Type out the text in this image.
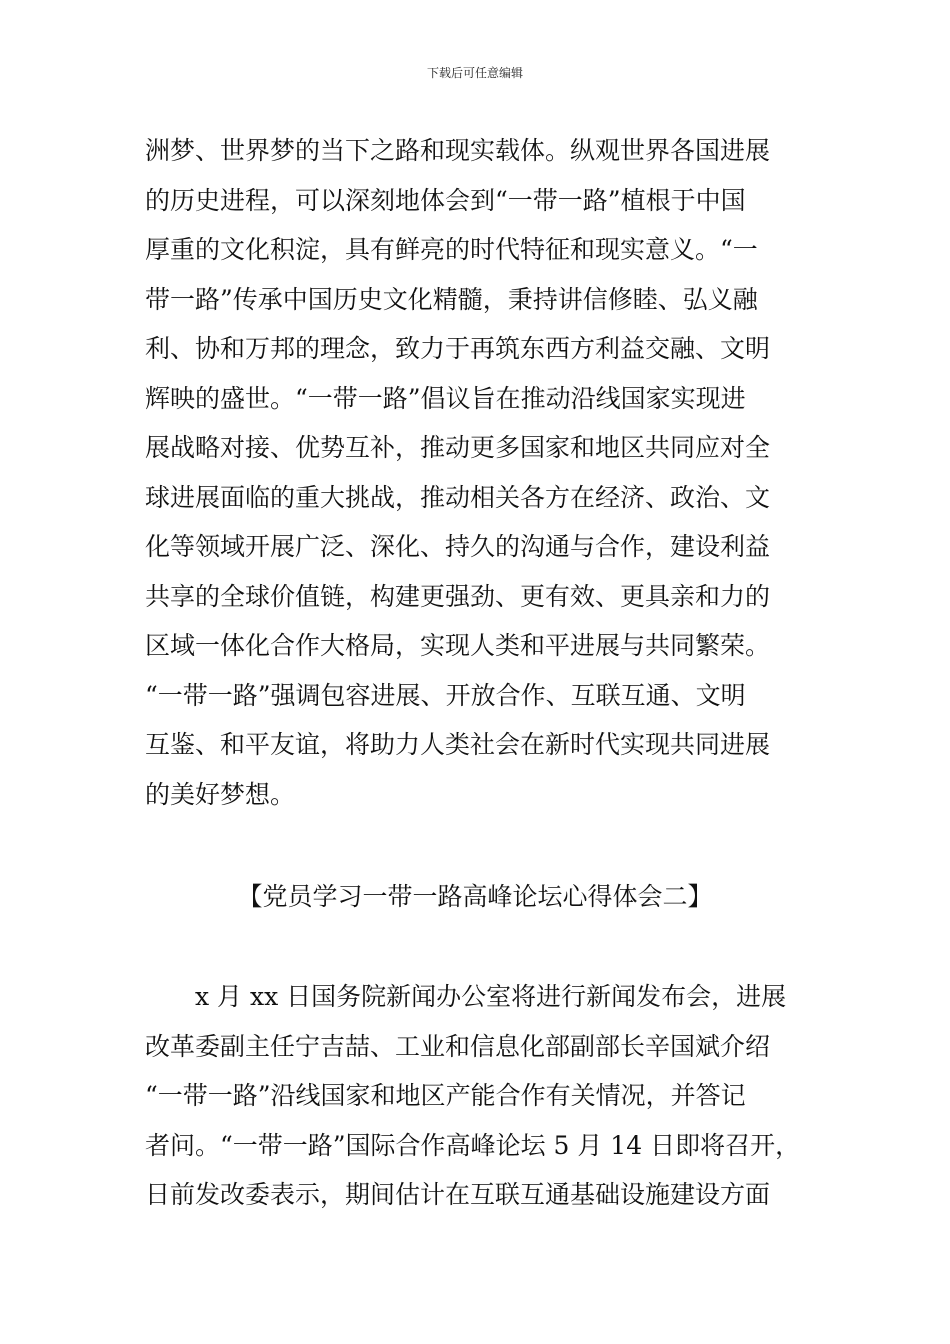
下载后可任意编辑
洲梦、世界梦的当下之路和现实载体。纵观世界各国进展
的历史进程，可以深刻地体会到“一带一路”植根于中国
厚重的文化积淀，具有鲜亮的时代特征和现实意义。“一
带一路”传承中国历史文化精髓，秉持讲信修睦、弘义融
利、协和万邦的理念，致力于再筑东西方利益交融、文明
辉映的盛世。“一带一路”倡议旨在推动沿线国家实现进
展战略对接、优势互补，推动更多国家和地区共同应对全
球进展面临的重大挑战，推动相关各方在经济、政治、文
化等领域开展广泛、深化、持久的沟通与合作，建设利益
共享的全球价值链，构建更强劲、更有效、更具亲和力的
区域一体化合作大格局，实现人类和平进展与共同繁荣。
“一带一路”强调包容进展、开放合作、互联互通、文明
互鉴、和平友谊，将助力人类社会在新时代实现共同进展
的美好梦想。
【党员学习一带一路高峰论坛心得体会二】
　　x 月 xx 日国务院新闻办公室将进行新闻发布会，进展
改革委副主任宁吉喆、工业和信息化部副部长辛国斌介绍
“一带一路”沿线国家和地区产能合作有关情况，并答记
者问。“一带一路”国际合作高峰论坛 5 月 14 日即将召开，
日前发改委表示，期间估计在互联互通基础设施建设方面
